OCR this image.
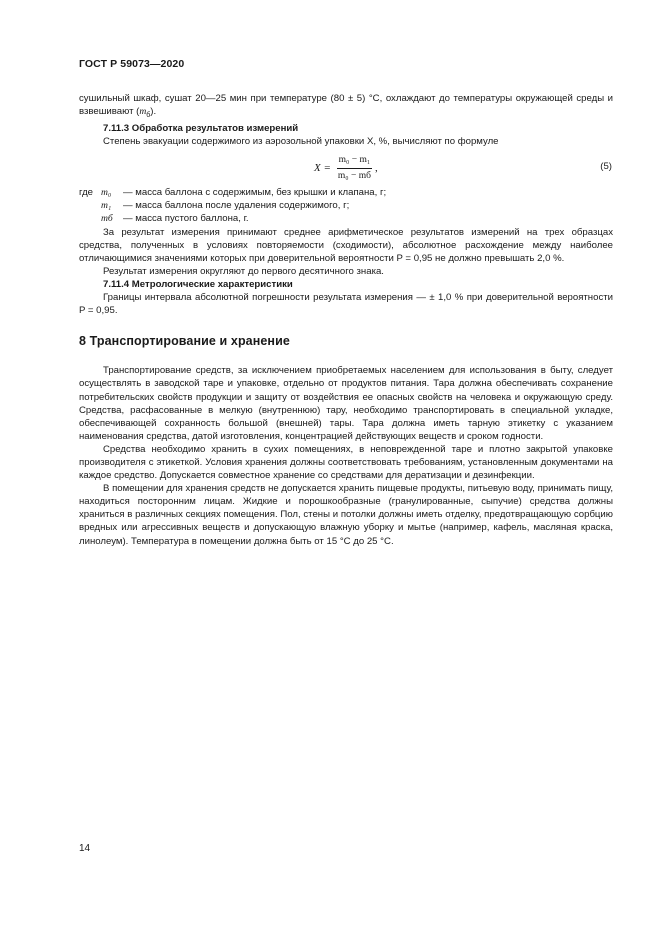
ГОСТ Р 59073—2020

сушильный шкаф, сушат 20—25 мин при температуре (80 ± 5) °С, охлаждают до температуры окружающей среды и взвешивают $(m_б)$.

7.11.3 Обработка результатов измерений

Степень эвакуации содержимого из аэрозольной упаковки X, %, вычисляют по формуле

$X = \frac{\text{m₀ − m₁}}{\text{m₀ − mб}}$ ,	(5)
где m₀	— масса баллона с содержимым, без крышки и клапана, г;
m₁	— масса баллона после удаления содержимого, г;
mб	— масса пустого баллона, г.

За результат измерения принимают среднее арифметическое результатов измерений на трех образцах средства, полученных в условиях повторяемости (сходимости), абсолютное расхождение между наиболее отличающимися значениями которых при доверительной вероятности P = 0,95 не должно превышать 2,0 %.

Результат измерения округляют до первого десятичного знака.

7.11.4 Метрологические характеристики

Границы интервала абсолютной погрешности результата измерения — ± 1,0 % при доверительной вероятности P = 0,95.

8 Транспортирование и хранение

Транспортирование средств, за исключением приобретаемых населением для использования в быту, следует осуществлять в заводской таре и упаковке, отдельно от продуктов питания. Тара должна обеспечивать сохранение потребительских свойств продукции и защиту от воздействия ее опасных свойств на человека и окружающую среду. Средства, расфасованные в мелкую (внутреннюю) тару, необходимо транспортировать в специальной укладке, обеспечивающей сохранность большой (внешней) тары. Тара должна иметь тарную этикетку с указанием наименования средства, датой изготовления, концентрацией действующих веществ и сроком годности.

Средства необходимо хранить в сухих помещениях, в неповрежденной таре и плотно закрытой упаковке производителя с этикеткой. Условия хранения должны соответствовать требованиям, установленным документами на каждое средство. Допускается совместное хранение со средствами для дератизации и дезинфекции.

В помещении для хранения средств не допускается хранить пищевые продукты, питьевую воду, принимать пищу, находиться посторонним лицам. Жидкие и порошкообразные (гранулированные, сыпучие) средства должны храниться в различных секциях помещения. Пол, стены и потолки должны иметь отделку, предотвращающую сорбцию вредных или агрессивных веществ и допускающую влажную уборку и мытье (например, кафель, масляная краска, линолеум). Температура в помещении должна быть от 15 °С до 25 °С.

14
